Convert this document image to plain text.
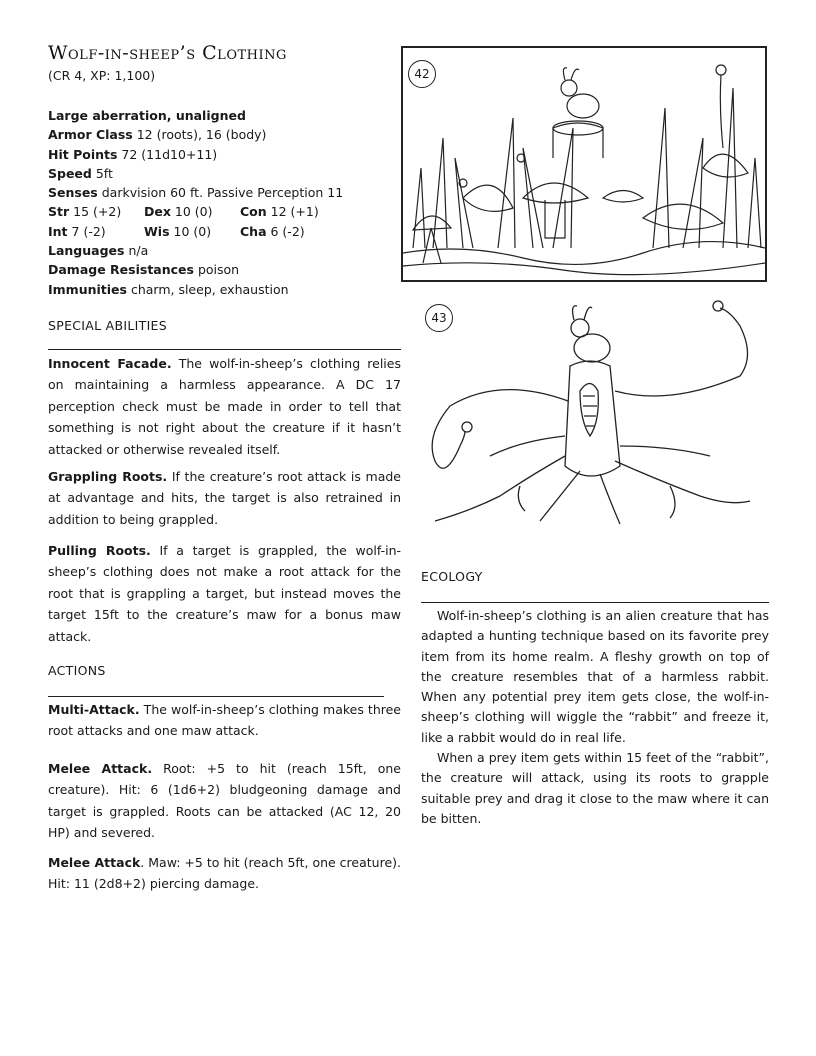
Wolf-in-sheep’s Clothing
(CR 4, XP: 1,100)
Large aberration, unaligned
Armor Class 12 (roots), 16 (body)
Hit Points 72 (11d10+11)
Speed 5ft
Senses darkvision 60 ft. Passive Perception 11
Str 15 (+2) Dex 10 (0) Con 12 (+1)
Int 7 (-2)	Wis 10 (0) Cha 6 (-2)
Languages n/a
Damage Resistances poison
Immunities charm, sleep, exhaustion
SPECIAL ABILITIES
Innocent Facade. The wolf-in-sheep’s clothing relies on maintaining a harmless appearance. A DC 17 perception check must be made in order to tell that something is not right about the creature if it hasn’t attacked or otherwise revealed itself.
Grappling Roots. If the creature’s root attack is made at advantage and hits, the target is also retrained in addition to being grappled.
Pulling Roots. If a target is grappled, the wolf-in-sheep’s clothing does not make a root attack for the root that is grappling a target, but instead moves the target 15ft to the creature’s maw for a bonus maw attack.
ACTIONS
Multi-Attack. The wolf-in-sheep’s clothing makes three root attacks and one maw attack.
Melee Attack. Root: +5 to hit (reach 15ft, one creature). Hit: 6 (1d6+2) bludgeoning damage and target is grappled. Roots can be attacked (AC 12, 20 HP) and severed.
Melee Attack. Maw: +5 to hit (reach 5ft, one creature). Hit: 11 (2d8+2) piercing damage.
42
43
ECOLOGY

Wolf-in-sheep’s clothing is an alien creature that has adapted a hunting technique based on its favorite prey item from its home realm. A fleshy growth on top of the creature resembles that of a harmless rabbit. When any potential prey item gets close, the wolf-in-sheep’s clothing will wiggle the “rabbit” and freeze it, like a rabbit would do in real life.

When a prey item gets within 15 feet of the “rabbit”, the creature will attack, using its roots to grapple suitable prey and drag it close to the maw where it can be bitten.
